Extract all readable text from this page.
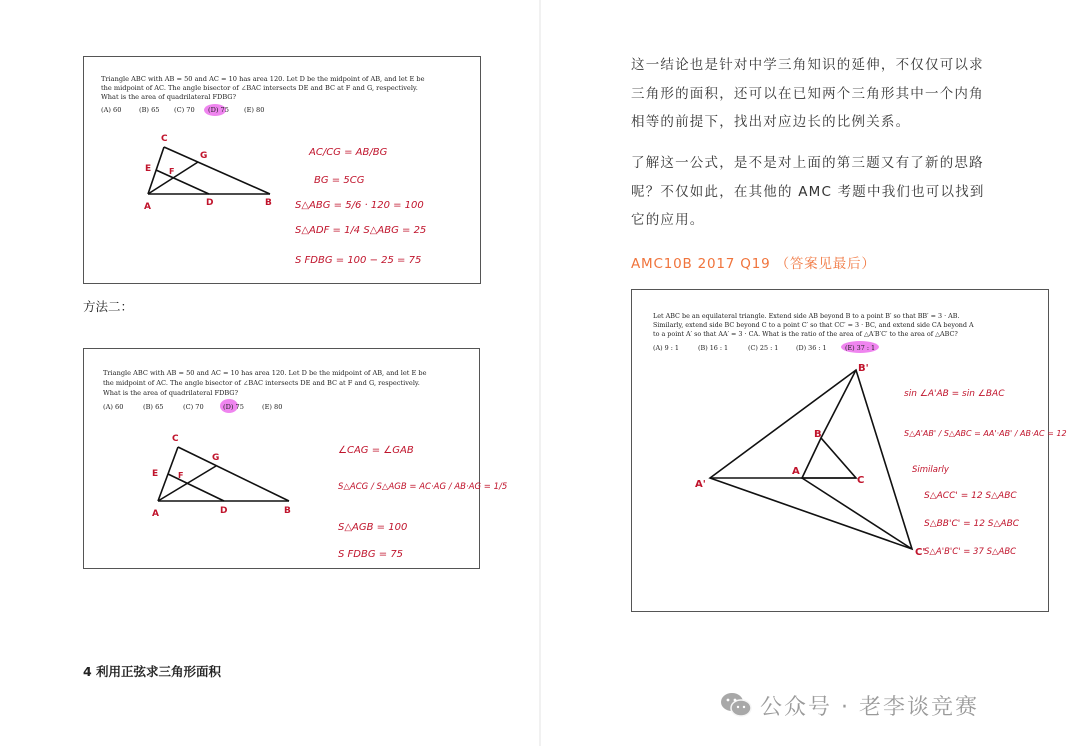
Triangle ABC with AB = 50 and AC = 10 has area 120. Let D be the midpoint of AB, and let E be
the midpoint of AC. The angle bisector of ∠BAC intersects DE and BC at F and G, respectively.
What is the area of quadrilateral FDBG?
(A) 60	(B) 65 (C) 70 (D) 75 (E) 80
C
E F
G
A	D	B
AC/CG = AB/BG
BG = 5CG
S△ABG = 5/6 · 120 = 100
S△ADF = 1/4 S△ABG = 25
S FDBG = 100 − 25 = 75
方法二：
Triangle ABC with AB = 50 and AC = 10 has area 120. Let D be the midpoint of AB, and let E be
the midpoint of AC. The angle bisector of ∠BAC intersects DE and BC at F and G, respectively.
What is the area of quadrilateral FDBG?
(A) 60	(B) 65	(C) 70	(D) 75	(E) 80
C
E F
G
A	D	B
∠CAG = ∠GAB
S△ACG / S△AGB = AC·AG / AB·AG = 1/5
S△AGB = 100
S FDBG = 75
4 利用正弦求三角形面积
这一结论也是针对中学三角知识的延伸，不仅仅可以求
三角形的面积，还可以在已知两个三角形其中一个内角
相等的前提下，找出对应边长的比例关系。
了解这一公式，是不是对上面的第三题又有了新的思路
呢？不仅如此，在其他的 AMC 考题中我们也可以找到
它的应用。
AMC10B 2017 Q19 （答案见最后）
Let ABC be an equilateral triangle. Extend side AB beyond B to a point B′ so that BB′ = 3 · AB.
Similarly, extend side BC beyond C to a point C′ so that CC′ = 3 · BC, and extend side CA beyond A
to a point A′ so that AA′ = 3 · CA. What is the ratio of the area of △A′B′C′ to the area of △ABC?
(A) 9 : 1	(B) 16 : 1	(C) 25 : 1	(D) 36 : 1	(E) 37 : 1
A'
B'
C'
B
A
C
sin ∠A'AB = sin ∠BAC
S△A'AB' / S△ABC = AA'·AB' / AB·AC = 12
Similarly
S△ACC' = 12 S△ABC
S△BB'C' = 12 S△ABC
S△A'B'C' = 37 S△ABC
公众号 · 老李谈竞赛
